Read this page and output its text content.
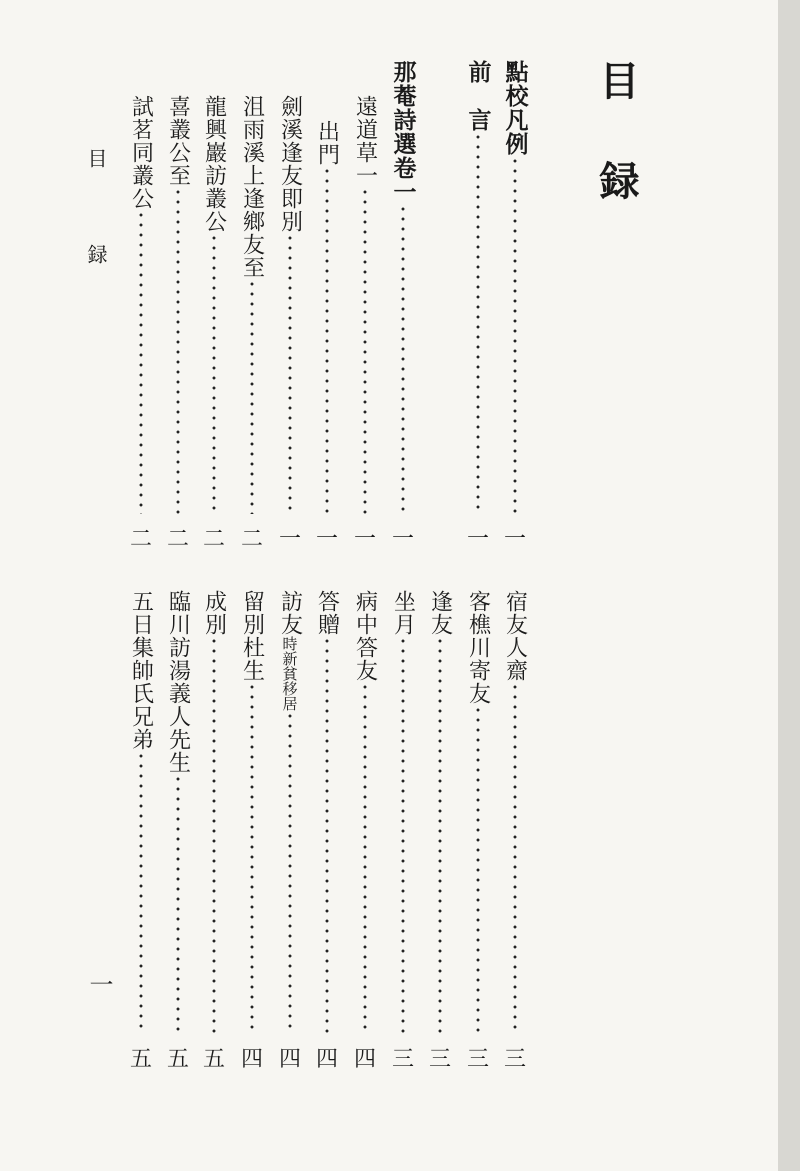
目録
點校凡例
一
前　言
一
那菴詩選卷一
一
遠道草一
一
出門
一
劍溪逢友即別
一
沮雨溪上逢鄉友至
二
龍興巖訪叢公
二
喜叢公至
二
試茗同叢公
二
宿友人齋
三
客樵川寄友
三
逢友
三
坐月
三
病中答友
四
答贈
四
訪友
時新貧移居
四
留別杜生
四
成別
五
臨川訪湯義人先生
五
五日集帥氏兄弟
五
目　録
一
